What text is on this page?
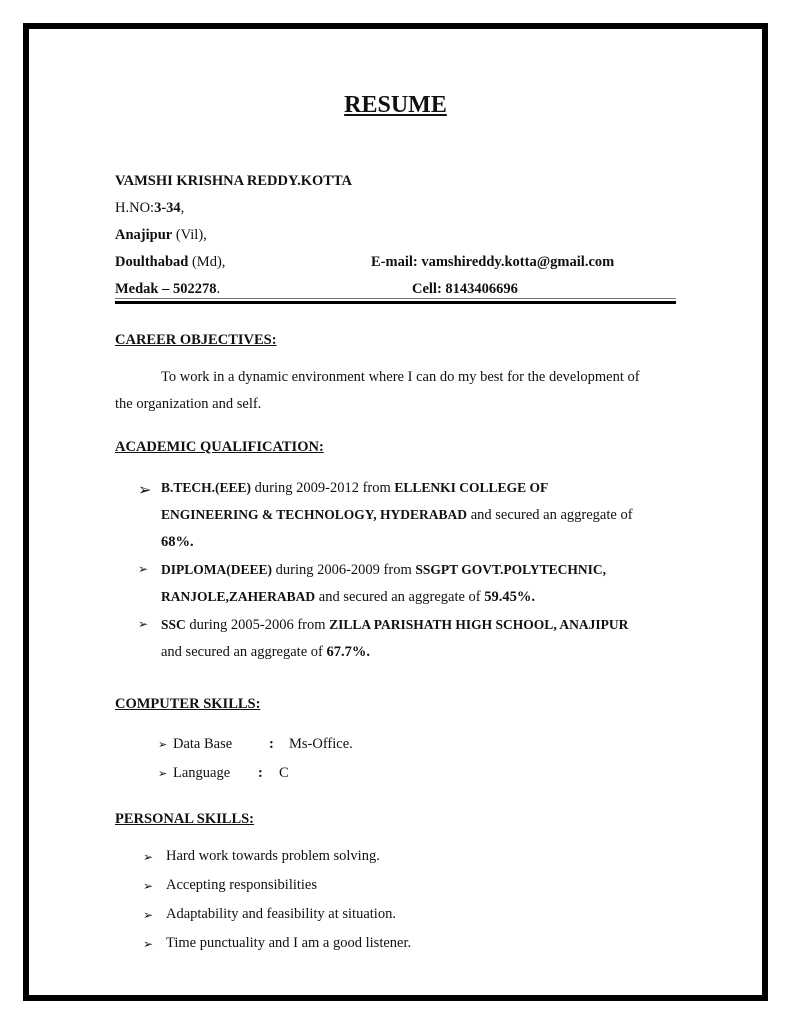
RESUME
VAMSHI KRISHNA REDDY.KOTTA
H.NO:3-34,
Anajipur (Vil),
Doulthabad (Md),	E-mail: vamshireddy.kotta@gmail.com
Medak – 502278.	Cell: 8143406696
CAREER OBJECTIVES:
To work in a dynamic environment where I can do my best for the development of
the organization and self.
ACADEMIC QUALIFICATION:
➢ B.TECH.(EEE) during 2009-2012 from ELLENKI COLLEGE OF
ENGINEERING & TECHNOLOGY, HYDERABAD and secured an aggregate of
68%.
➢ DIPLOMA(DEEE) during 2006-2009 from SSGPT GOVT.POLYTECHNIC,
RANJOLE,ZAHERABAD and secured an aggregate of 59.45%.
➢ SSC during 2005-2006 from ZILLA PARISHATH HIGH SCHOOL, ANAJIPUR
and secured an aggregate of 67.7%.
COMPUTER SKILLS:
➢ Data Base	: Ms-Office.
➢ Language : C
PERSONAL SKILLS:
➢ Hard work towards problem solving.
➢ Accepting responsibilities
➢ Adaptability and feasibility at situation.
➢ Time punctuality and I am a good listener.
